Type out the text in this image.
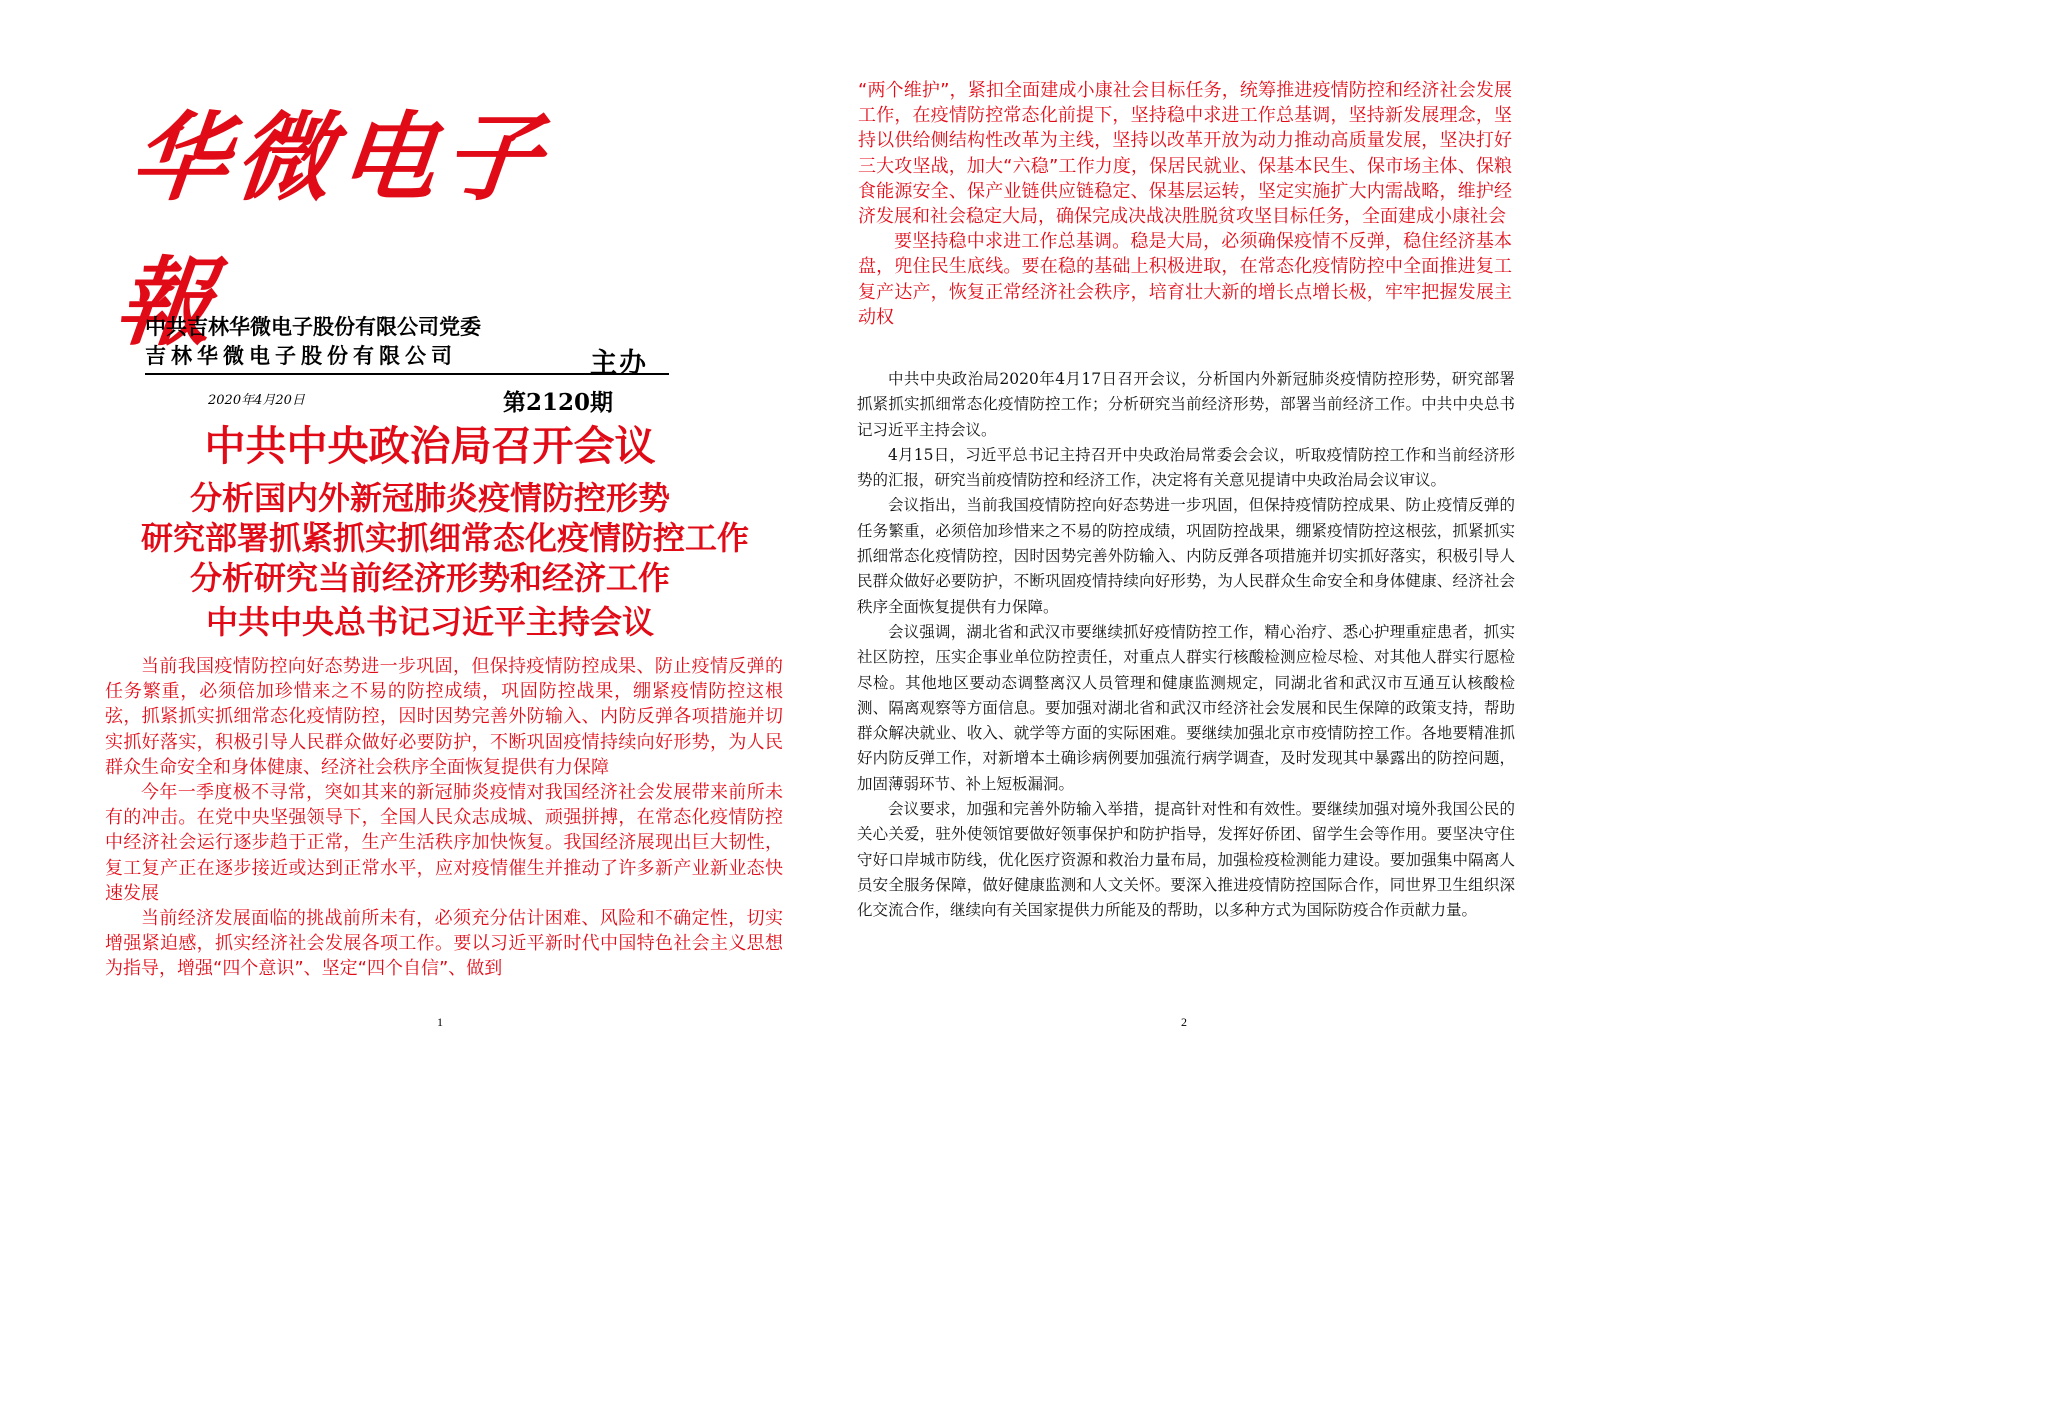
华微电子報
中共吉林华微电子股份有限公司党委
吉林华微电子股份有限公司	主办
2020年4月20日	第2120期
中共中央政治局召开会议
分析国内外新冠肺炎疫情防控形势
研究部署抓紧抓实抓细常态化疫情防控工作
分析研究当前经济形势和经济工作
中共中央总书记习近平主持会议

当前我国疫情防控向好态势进一步巩固，但保持疫情防控成果、防止疫情反弹的任务繁重，必须倍加珍惜来之不易的防控成绩，巩固防控战果，绷紧疫情防控这根弦，抓紧抓实抓细常态化疫情防控，因时因势完善外防输入、内防反弹各项措施并切实抓好落实，积极引导人民群众做好必要防护，不断巩固疫情持续向好形势，为人民群众生命安全和身体健康、经济社会秩序全面恢复提供有力保障

今年一季度极不寻常，突如其来的新冠肺炎疫情对我国经济社会发展带来前所未有的冲击。在党中央坚强领导下，全国人民众志成城、顽强拼搏，在常态化疫情防控中经济社会运行逐步趋于正常，生产生活秩序加快恢复。我国经济展现出巨大韧性，复工复产正在逐步接近或达到正常水平，应对疫情催生并推动了许多新产业新业态快速发展

当前经济发展面临的挑战前所未有，必须充分估计困难、风险和不确定性，切实增强紧迫感，抓实经济社会发展各项工作。要以习近平新时代中国特色社会主义思想为指导，增强“四个意识”、坚定“四个自信”、做到

1

“两个维护”，紧扣全面建成小康社会目标任务，统筹推进疫情防控和经济社会发展工作，在疫情防控常态化前提下，坚持稳中求进工作总基调，坚持新发展理念，坚持以供给侧结构性改革为主线，坚持以改革开放为动力推动高质量发展，坚决打好三大攻坚战，加大“六稳”工作力度，保居民就业、保基本民生、保市场主体、保粮食能源安全、保产业链供应链稳定、保基层运转，坚定实施扩大内需战略，维护经济发展和社会稳定大局，确保完成决战决胜脱贫攻坚目标任务，全面建成小康社会

要坚持稳中求进工作总基调。稳是大局，必须确保疫情不反弹，稳住经济基本盘，兜住民生底线。要在稳的基础上积极进取，在常态化疫情防控中全面推进复工复产达产，恢复正常经济社会秩序，培育壮大新的增长点增长极，牢牢把握发展主动权

中共中央政治局2020年4月17日召开会议，分析国内外新冠肺炎疫情防控形势，研究部署抓紧抓实抓细常态化疫情防控工作；分析研究当前经济形势，部署当前经济工作。中共中央总书记习近平主持会议。

4月15日，习近平总书记主持召开中央政治局常委会会议，听取疫情防控工作和当前经济形势的汇报，研究当前疫情防控和经济工作，决定将有关意见提请中央政治局会议审议。

会议指出，当前我国疫情防控向好态势进一步巩固，但保持疫情防控成果、防止疫情反弹的任务繁重，必须倍加珍惜来之不易的防控成绩，巩固防控战果，绷紧疫情防控这根弦，抓紧抓实抓细常态化疫情防控，因时因势完善外防输入、内防反弹各项措施并切实抓好落实，积极引导人民群众做好必要防护，不断巩固疫情持续向好形势，为人民群众生命安全和身体健康、经济社会秩序全面恢复提供有力保障。

会议强调，湖北省和武汉市要继续抓好疫情防控工作，精心治疗、悉心护理重症患者，抓实社区防控，压实企事业单位防控责任，对重点人群实行核酸检测应检尽检、对其他人群实行愿检尽检。其他地区要动态调整离汉人员管理和健康监测规定，同湖北省和武汉市互通互认核酸检测、隔离观察等方面信息。要加强对湖北省和武汉市经济社会发展和民生保障的政策支持，帮助群众解决就业、收入、就学等方面的实际困难。要继续加强北京市疫情防控工作。各地要精准抓好内防反弹工作，对新增本土确诊病例要加强流行病学调查，及时发现其中暴露出的防控问题，加固薄弱环节、补上短板漏洞。

会议要求，加强和完善外防输入举措，提高针对性和有效性。要继续加强对境外我国公民的关心关爱，驻外使领馆要做好领事保护和防护指导，发挥好侨团、留学生会等作用。要坚决守住守好口岸城市防线，优化医疗资源和救治力量布局，加强检疫检测能力建设。要加强集中隔离人员安全服务保障，做好健康监测和人文关怀。要深入推进疫情防控国际合作，同世界卫生组织深化交流合作，继续向有关国家提供力所能及的帮助，以多种方式为国际防疫合作贡献力量。

2
